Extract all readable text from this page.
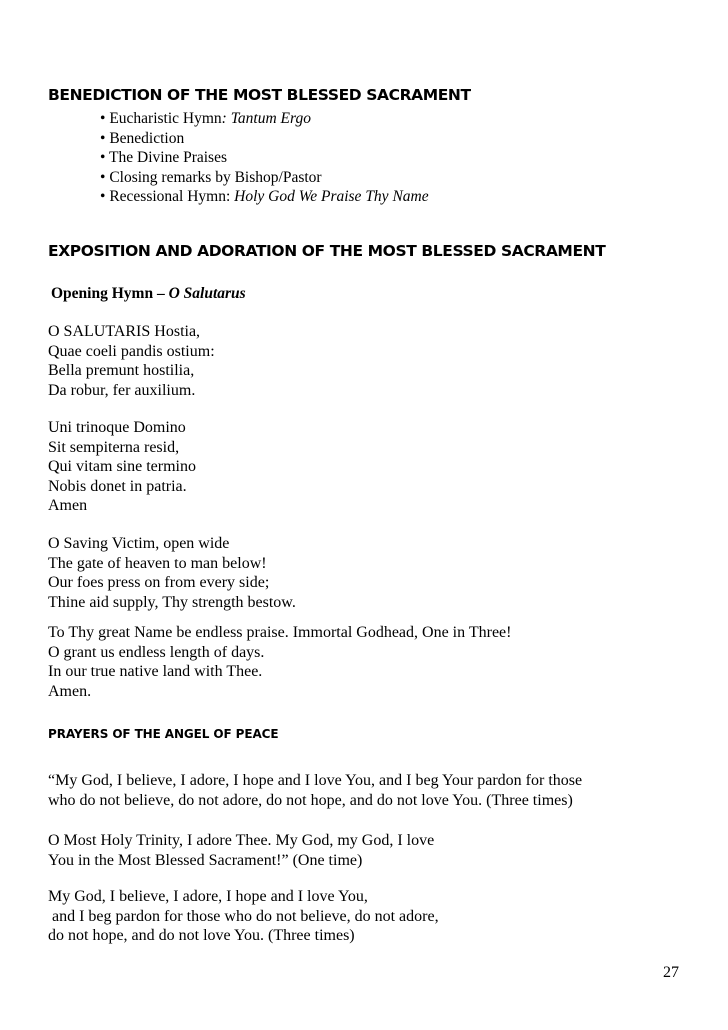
BENEDICTION OF THE MOST BLESSED SACRAMENT
• Eucharistic Hymn: Tantum Ergo
• Benediction
• The Divine Praises
• Closing remarks by Bishop/Pastor
• Recessional Hymn: Holy God We Praise Thy Name
EXPOSITION AND ADORATION OF THE MOST BLESSED SACRAMENT
Opening Hymn – O Salutarus
O SALUTARIS Hostia,
Quae coeli pandis ostium:
Bella premunt hostilia,
Da robur, fer auxilium.
Uni trinoque Domino
Sit sempiterna resid,
Qui vitam sine termino
Nobis donet in patria.
Amen
O Saving Victim, open wide
The gate of heaven to man below!
Our foes press on from every side;
Thine aid supply, Thy strength bestow.
To Thy great Name be endless praise. Immortal Godhead, One in Three!
O grant us endless length of days.
In our true native land with Thee.
Amen.
PRAYERS OF THE ANGEL OF PEACE
“My God, I believe, I adore, I hope and I love You, and I beg Your pardon for those
who do not believe, do not adore, do not hope, and do not love You. (Three times)
O Most Holy Trinity, I adore Thee. My God, my God, I love
You in the Most Blessed Sacrament!” (One time)
My God, I believe, I adore, I hope and I love You,
and I beg pardon for those who do not believe, do not adore,
do not hope, and do not love You. (Three times)
27
